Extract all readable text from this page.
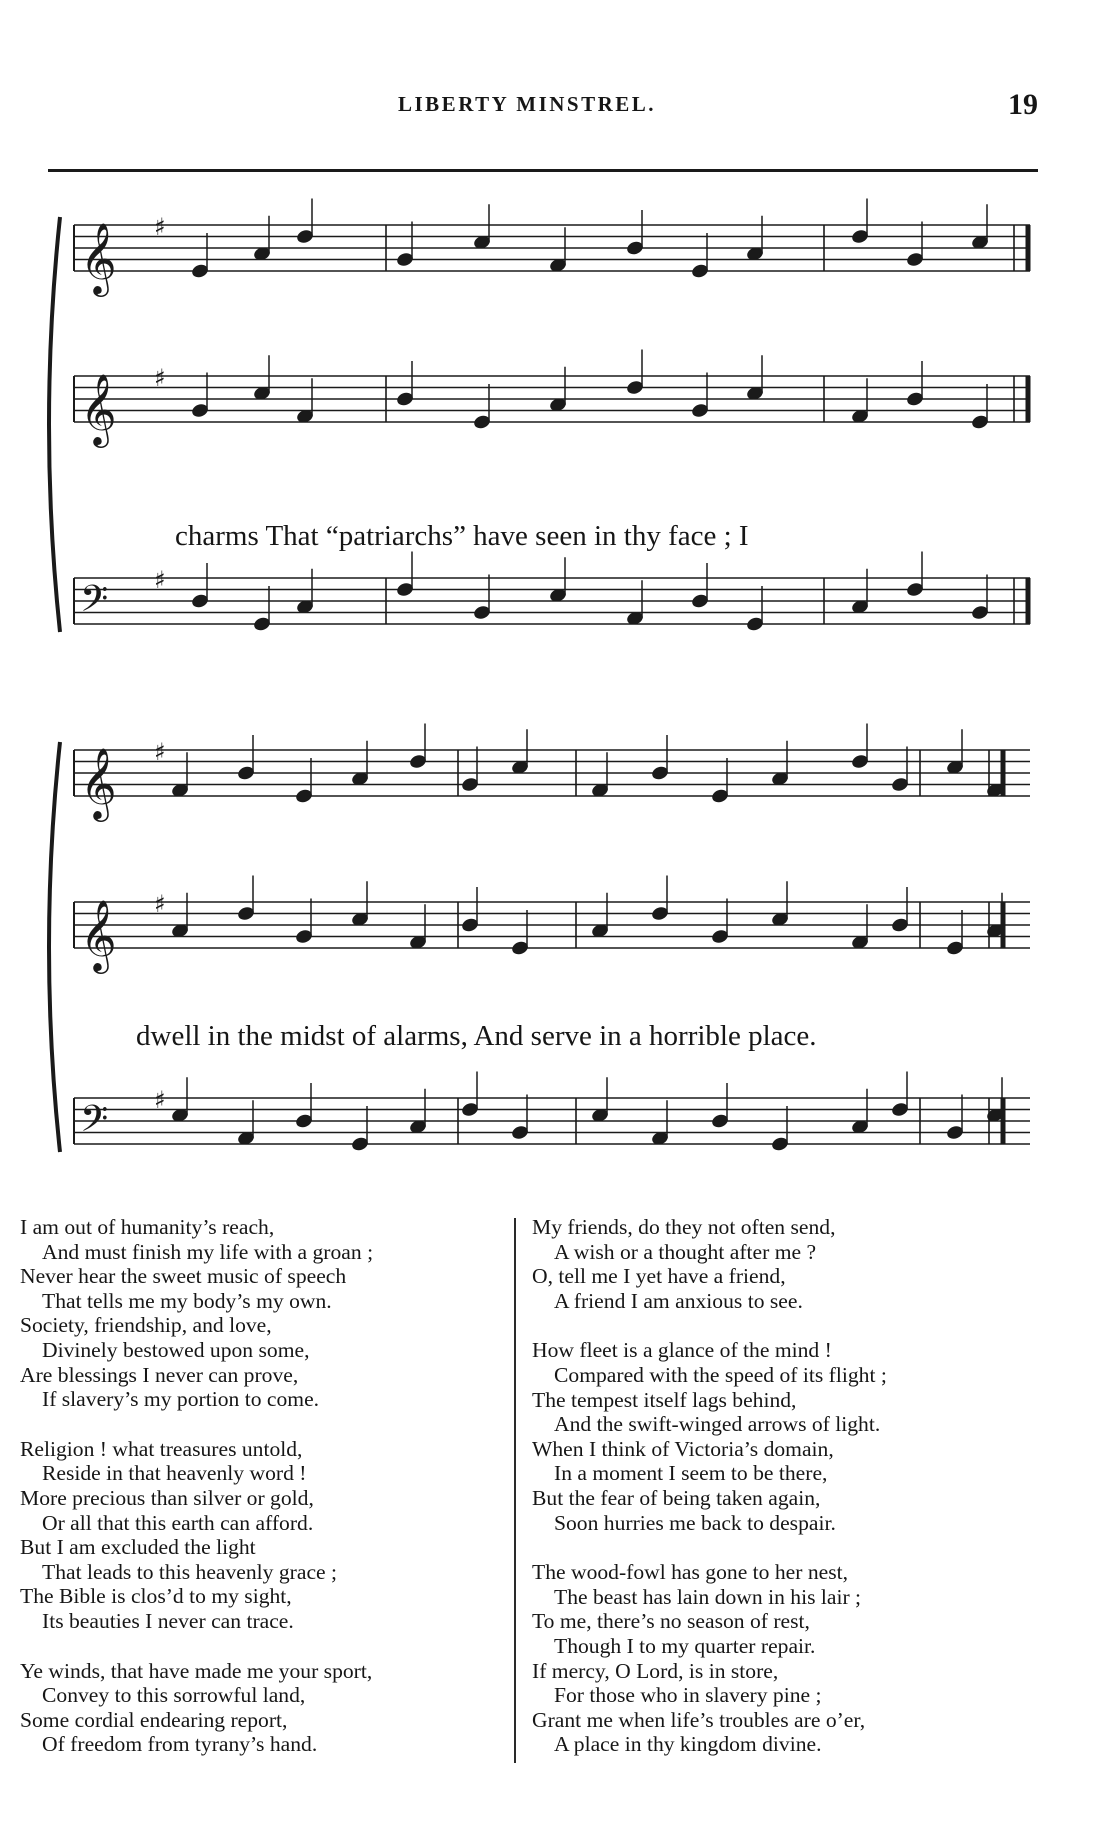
LIBERTY MINSTREL.	19
𝄞 ♯
𝄞 ♯
𝄢 ♯
𝄞 ♯
𝄞 ♯
𝄢 ♯
charms That “patriarchs” have seen in thy face ; I
dwell in the midst of alarms, And serve in a horrible place.
I am out of humanity’s reach,
And must finish my life with a groan ;
Never hear the sweet music of speech
That tells me my body’s my own.
Society, friendship, and love,
Divinely bestowed upon some,
Are blessings I never can prove,
If slavery’s my portion to come.
Religion ! what treasures untold,
Reside in that heavenly word !
More precious than silver or gold,
Or all that this earth can afford.
But I am excluded the light
That leads to this heavenly grace ;
The Bible is clos’d to my sight,
Its beauties I never can trace.
Ye winds, that have made me your sport,
Convey to this sorrowful land,
Some cordial endearing report,
Of freedom from tyrany’s hand.
My friends, do they not often send,
A wish or a thought after me ?
O, tell me I yet have a friend,
A friend I am anxious to see.
How fleet is a glance of the mind !
Compared with the speed of its flight ;
The tempest itself lags behind,
And the swift-winged arrows of light.
When I think of Victoria’s domain,
In a moment I seem to be there,
But the fear of being taken again,
Soon hurries me back to despair.
The wood-fowl has gone to her nest,
The beast has lain down in his lair ;
To me, there’s no season of rest,
Though I to my quarter repair.
If mercy, O Lord, is in store,
For those who in slavery pine ;
Grant me when life’s troubles are o’er,
A place in thy kingdom divine.
